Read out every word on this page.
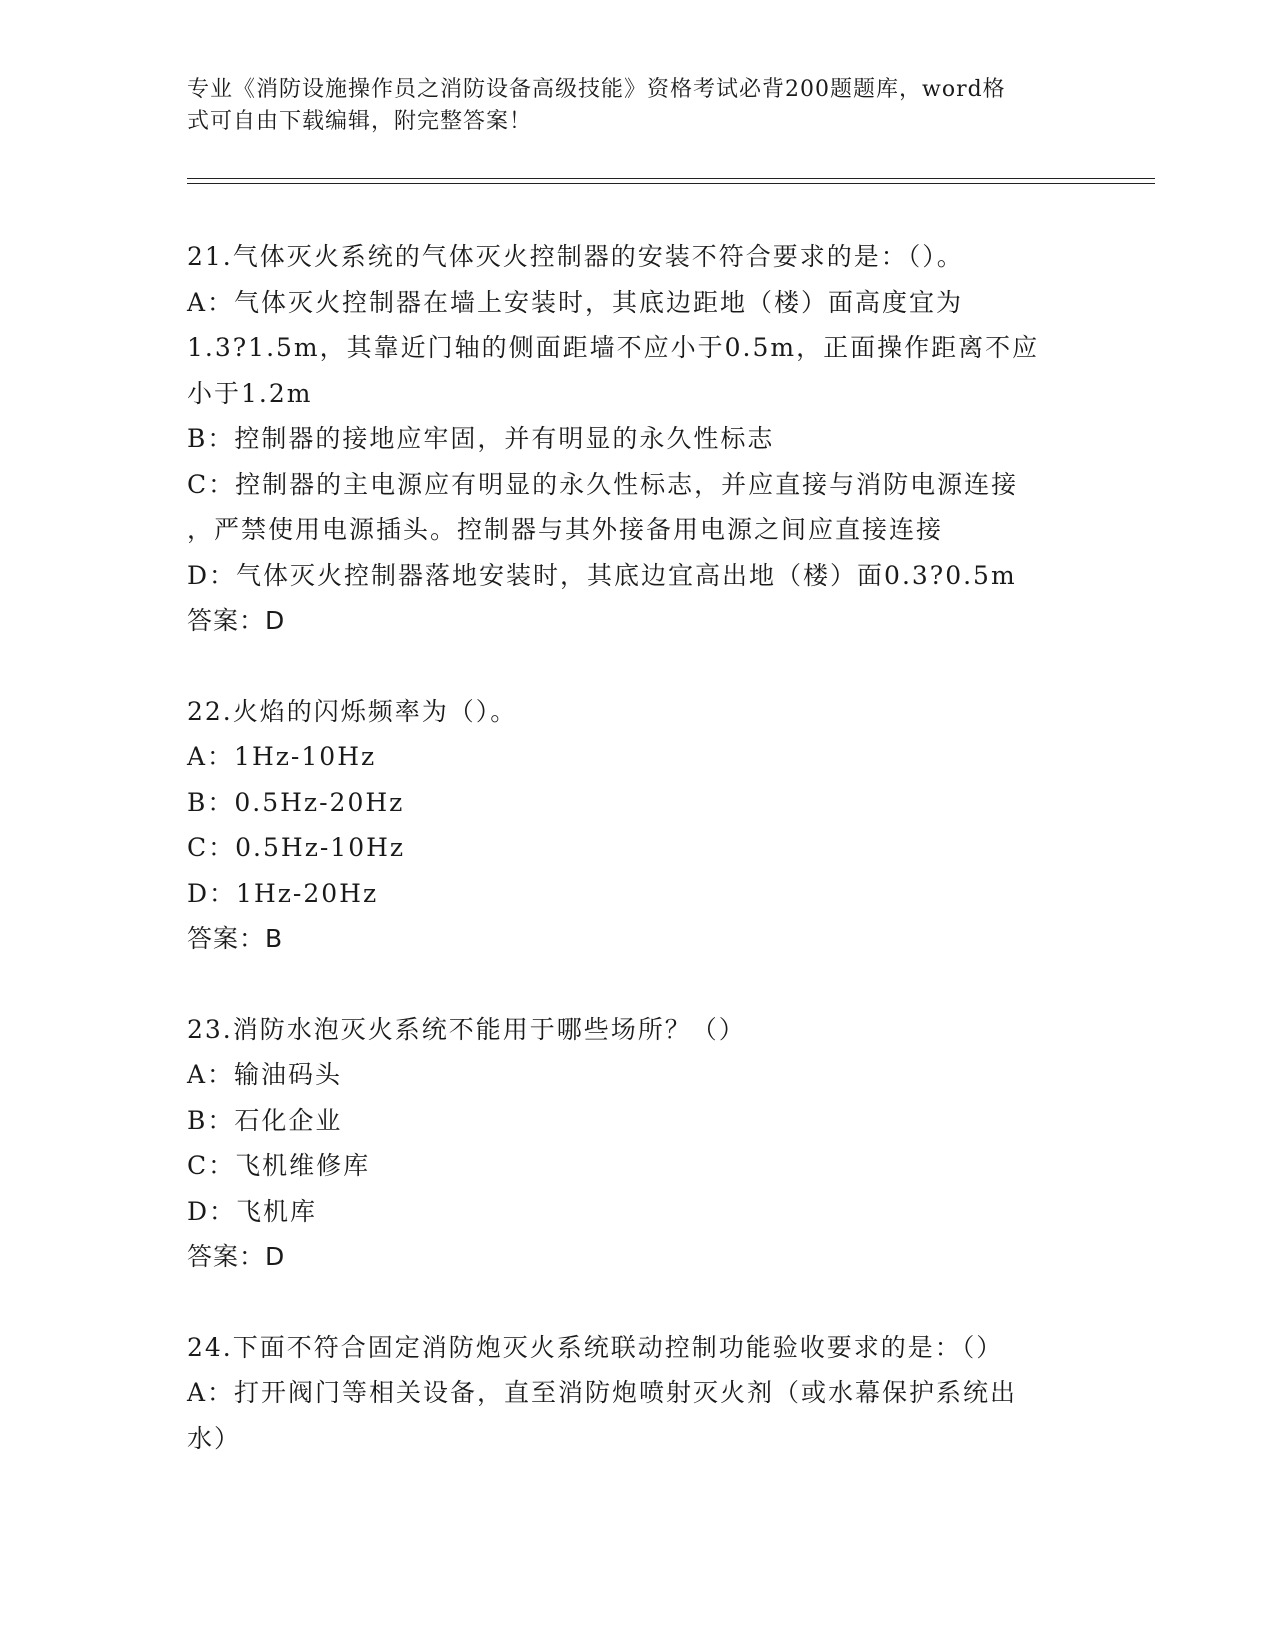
专业《消防设施操作员之消防设备高级技能》资格考试必背200题题库，word格
式可自由下载编辑，附完整答案！
21.气体灭火系统的气体灭火控制器的安装不符合要求的是：（）。
A：气体灭火控制器在墙上安装时，其底边距地（楼）面高度宜为
1.3?1.5m，其靠近门轴的侧面距墙不应小于0.5m，正面操作距离不应
小于1.2m
B：控制器的接地应牢固，并有明显的永久性标志
C：控制器的主电源应有明显的永久性标志，并应直接与消防电源连接
，严禁使用电源插头。控制器与其外接备用电源之间应直接连接
D：气体灭火控制器落地安装时，其底边宜高出地（楼）面0.3?0.5m
答案：D
22.火焰的闪烁频率为（）。
A：1Hz-10Hz
B：0.5Hz-20Hz
C：0.5Hz-10Hz
D：1Hz-20Hz
答案：B
23.消防水泡灭火系统不能用于哪些场所？（）
A：输油码头
B：石化企业
C：飞机维修库
D：飞机库
答案：D
24.下面不符合固定消防炮灭火系统联动控制功能验收要求的是：（）
A：打开阀门等相关设备，直至消防炮喷射灭火剂（或水幕保护系统出
水）
